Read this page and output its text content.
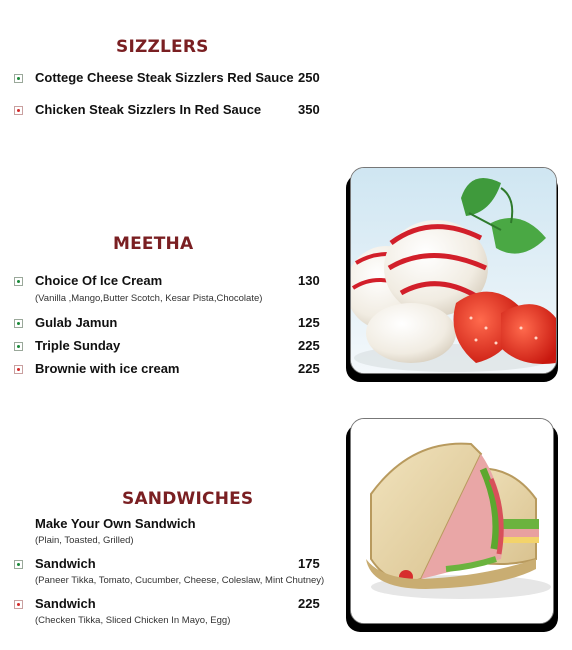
SIZZLERS
Cottege Cheese Steak Sizzlers Red Sauce 250
Chicken Steak Sizzlers In Red Sauce	350
MEETHA
Choice Of Ice Cream	130
(Vanilla ,Mango,Butter Scotch, Kesar Pista,Chocolate)
Gulab Jamun	125
Triple Sunday	225
Brownie with ice cream	225
SANDWICHES
Make Your Own Sandwich
(Plain, Toasted, Grilled)
Sandwich	175
(Paneer Tikka, Tomato, Cucumber, Cheese, Coleslaw, Mint Chutney)
Sandwich	225
(Checken Tikka, Sliced Chicken In Mayo, Egg)
